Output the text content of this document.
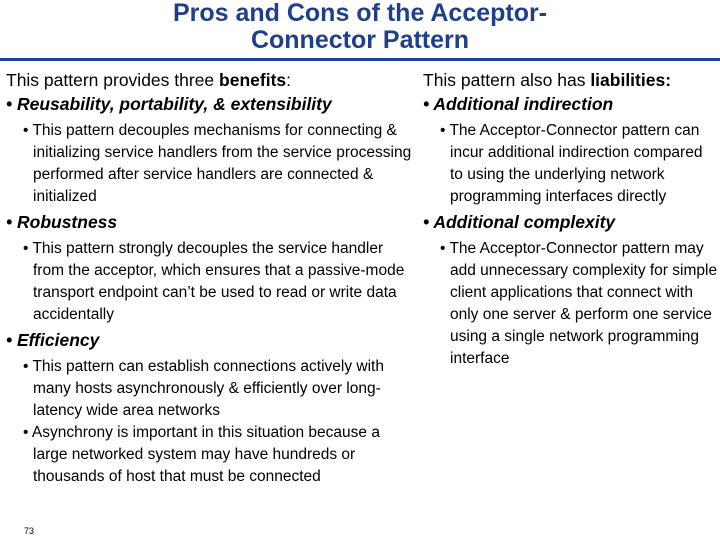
Pros and Cons of the Acceptor-
Connector Pattern
This pattern provides three benefits:
• Reusability, portability, & extensibility
• This pattern decouples mechanisms for connecting & initializing service handlers from the service processing performed after service handlers are connected & initialized
• Robustness
• This pattern strongly decouples the service handler from the acceptor, which ensures that a passive-mode transport endpoint can’t be used to read or write data accidentally
• Efficiency
• This pattern can establish connections actively with many hosts asynchronously & efficiently over long-latency wide area networks
• Asynchrony is important in this situation because a large networked system may have hundreds or thousands of host that must be connected
This pattern also has liabilities:
• Additional indirection
• The Acceptor-Connector pattern can incur additional indirection compared to using the underlying network programming interfaces directly
• Additional complexity
• The Acceptor-Connector pattern may add unnecessary complexity for simple client applications that connect with only one server & perform one service using a single network programming interface
73
